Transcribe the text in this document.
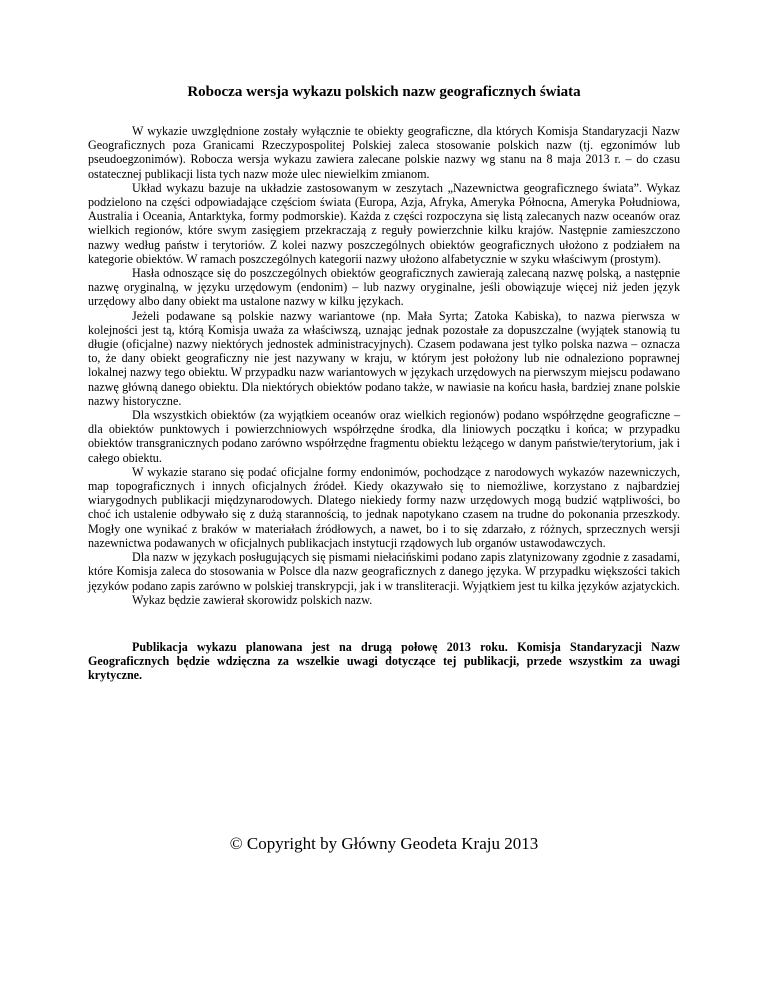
Robocza wersja wykazu polskich nazw geograficznych świata

W wykazie uwzględnione zostały wyłącznie te obiekty geograficzne, dla których Komisja Standaryzacji Nazw Geograficznych poza Granicami Rzeczypospolitej Polskiej zaleca stosowanie polskich nazw (tj. egzonimów lub pseudoegzonimów). Robocza wersja wykazu zawiera zalecane polskie nazwy wg stanu na 8 maja 2013 r. – do czasu ostatecznej publikacji lista tych nazw może ulec niewielkim zmianom.

Układ wykazu bazuje na układzie zastosowanym w zeszytach „Nazewnictwa geograficznego świata”. Wykaz podzielono na części odpowiadające częściom świata (Europa, Azja, Afryka, Ameryka Północna, Ameryka Południowa, Australia i Oceania, Antarktyka, formy podmorskie). Każda z części rozpoczyna się listą zalecanych nazw oceanów oraz wielkich regionów, które swym zasięgiem przekraczają z reguły powierzchnie kilku krajów. Następnie zamieszczono nazwy według państw i terytoriów. Z kolei nazwy poszczególnych obiektów geograficznych ułożono z podziałem na kategorie obiektów. W ramach poszczególnych kategorii nazwy ułożono alfabetycznie w szyku właściwym (prostym).

Hasła odnoszące się do poszczególnych obiektów geograficznych zawierają zalecaną nazwę polską, a następnie nazwę oryginalną, w języku urzędowym (endonim) – lub nazwy oryginalne, jeśli obowiązuje więcej niż jeden język urzędowy albo dany obiekt ma ustalone nazwy w kilku językach.

Jeżeli podawane są polskie nazwy wariantowe (np. Mała Syrta; Zatoka Kabiska), to nazwa pierwsza w kolejności jest tą, którą Komisja uważa za właściwszą, uznając jednak pozostałe za dopuszczalne (wyjątek stanowią tu długie (oficjalne) nazwy niektórych jednostek administracyjnych). Czasem podawana jest tylko polska nazwa – oznacza to, że dany obiekt geograficzny nie jest nazywany w kraju, w którym jest położony lub nie odnaleziono poprawnej lokalnej nazwy tego obiektu. W przypadku nazw wariantowych w językach urzędowych na pierwszym miejscu podawano nazwę główną danego obiektu. Dla niektórych obiektów podano także, w nawiasie na końcu hasła, bardziej znane polskie nazwy historyczne.

Dla wszystkich obiektów (za wyjątkiem oceanów oraz wielkich regionów) podano współrzędne geograficzne – dla obiektów punktowych i powierzchniowych współrzędne środka, dla liniowych początku i końca; w przypadku obiektów transgranicznych podano zarówno współrzędne fragmentu obiektu leżącego w danym państwie/terytorium, jak i całego obiektu.

W wykazie starano się podać oficjalne formy endonimów, pochodzące z narodowych wykazów nazewniczych, map topograficznych i innych oficjalnych źródeł. Kiedy okazywało się to niemożliwe, korzystano z najbardziej wiarygodnych publikacji międzynarodowych. Dlatego niekiedy formy nazw urzędowych mogą budzić wątpliwości, bo choć ich ustalenie odbywało się z dużą starannością, to jednak napotykano czasem na trudne do pokonania przeszkody. Mogły one wynikać z braków w materiałach źródłowych, a nawet, bo i to się zdarzało, z różnych, sprzecznych wersji nazewnictwa podawanych w oficjalnych publikacjach instytucji rządowych lub organów ustawodawczych.

Dla nazw w językach posługujących się pismami niełacińskimi podano zapis zlatynizowany zgodnie z zasadami, które Komisja zaleca do stosowania w Polsce dla nazw geograficznych z danego języka. W przypadku większości takich języków podano zapis zarówno w polskiej transkrypcji, jak i w transliteracji. Wyjątkiem jest tu kilka języków azjatyckich.

Wykaz będzie zawierał skorowidz polskich nazw.

Publikacja wykazu planowana jest na drugą połowę 2013 roku. Komisja Standaryzacji Nazw Geograficznych będzie wdzięczna za wszelkie uwagi dotyczące tej publikacji, przede wszystkim za uwagi krytyczne.

© Copyright by Główny Geodeta Kraju 2013
